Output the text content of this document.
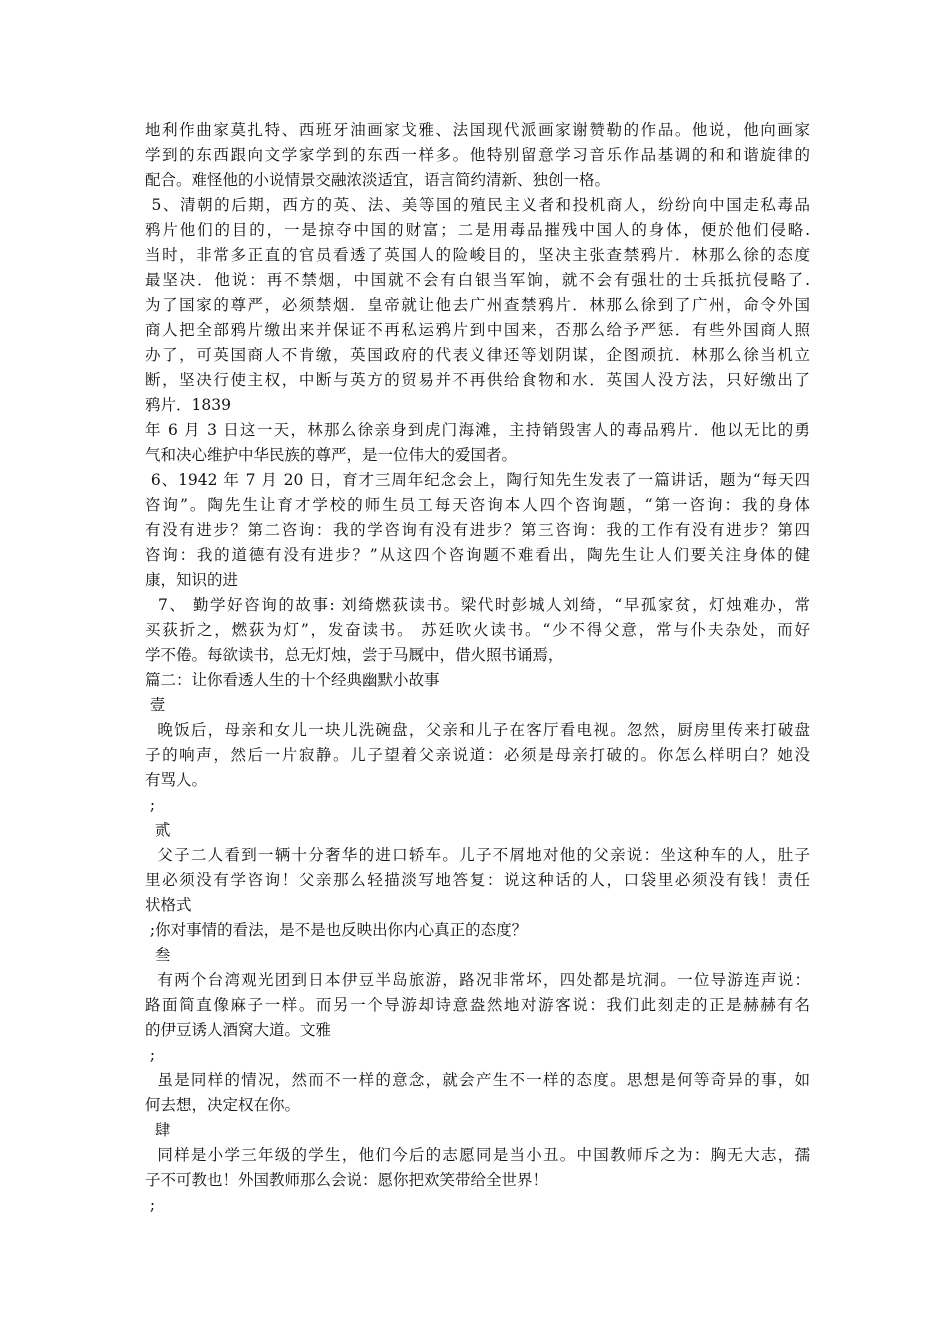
地利作曲家莫扎特、西班牙油画家戈雅、法国现代派画家谢赞勒的作品。他说，他向画家
学到的东西跟向文学家学到的东西一样多。他特别留意学习音乐作品基调的和和谐旋律的
配合。难怪他的小说情景交融浓淡适宜，语言简约清新、独创一格。
5、清朝的后期，西方的英、法、美等国的殖民主义者和投机商人，纷纷向中国走私毒品
鸦片他们的目的，一是掠夺中国的财富；二是用毒品摧残中国人的身体，便於他们侵略.
当时，非常多正直的官员看透了英国人的险峻目的，坚决主张查禁鸦片．林那么徐的态度
最坚决．他说：再不禁烟，中国就不会有白银当军饷，就不会有强壮的士兵抵抗侵略了.
为了国家的尊严，必须禁烟．皇帝就让他去广州查禁鸦片．林那么徐到了广州，命令外国
商人把全部鸦片缴出来并保证不再私运鸦片到中国来，否那么给予严惩．有些外国商人照
办了，可英国商人不肯缴，英国政府的代表义律还等划阴谋，企图顽抗．林那么徐当机立
断，坚决行使主权，中断与英方的贸易并不再供给食物和水．英国人没方法，只好缴出了
鸦片．1839
年 6 月 3 日这一天，林那么徐亲身到虎门海滩，主持销毁害人的毒品鸦片．他以无比的勇
气和决心维护中华民族的尊严，是一位伟大的爱国者。
6、1942 年 7 月 20 日，育才三周年纪念会上，陶行知先生发表了一篇讲话，题为“每天四
咨询”。陶先生让育才学校的师生员工每天咨询本人四个咨询题，“第一咨询：我的身体
有没有进步？第二咨询：我的学咨询有没有进步？第三咨询：我的工作有没有进步？第四
咨询：我的道德有没有进步？”从这四个咨询题不难看出，陶先生让人们要关注身体的健
康，知识的进
7、 勤学好咨询的故事: 刘绮燃荻读书。梁代时彭城人刘绮，“早孤家贫，灯烛难办，常
买荻折之，燃荻为灯”，发奋读书。 苏廷吹火读书。“少不得父意，常与仆夫杂处，而好
学不倦。每欲读书，总无灯烛，尝于马厩中，借火照书诵焉，
篇二：让你看透人生的十个经典幽默小故事
壹
晚饭后，母亲和女儿一块儿洗碗盘，父亲和儿子在客厅看电视。忽然，厨房里传来打破盘
子的响声，然后一片寂静。儿子望着父亲说道：必须是母亲打破的。你怎么样明白？她没
有骂人。
;
贰
父子二人看到一辆十分奢华的进口轿车。儿子不屑地对他的父亲说：坐这种车的人，肚子
里必须没有学咨询！父亲那么轻描淡写地答复：说这种话的人，口袋里必须没有钱！责任
状格式
;你对事情的看法，是不是也反映出你内心真正的态度？
叁
有两个台湾观光团到日本伊豆半岛旅游，路况非常坏，四处都是坑洞。一位导游连声说：
路面简直像麻子一样。而另一个导游却诗意盎然地对游客说：我们此刻走的正是赫赫有名
的伊豆诱人酒窝大道。文雅
;
虽是同样的情况，然而不一样的意念，就会产生不一样的态度。思想是何等奇异的事，如
何去想，决定权在你。
肆
同样是小学三年级的学生，他们今后的志愿同是当小丑。中国教师斥之为：胸无大志，孺
子不可教也！外国教师那么会说：愿你把欢笑带给全世界！
;
